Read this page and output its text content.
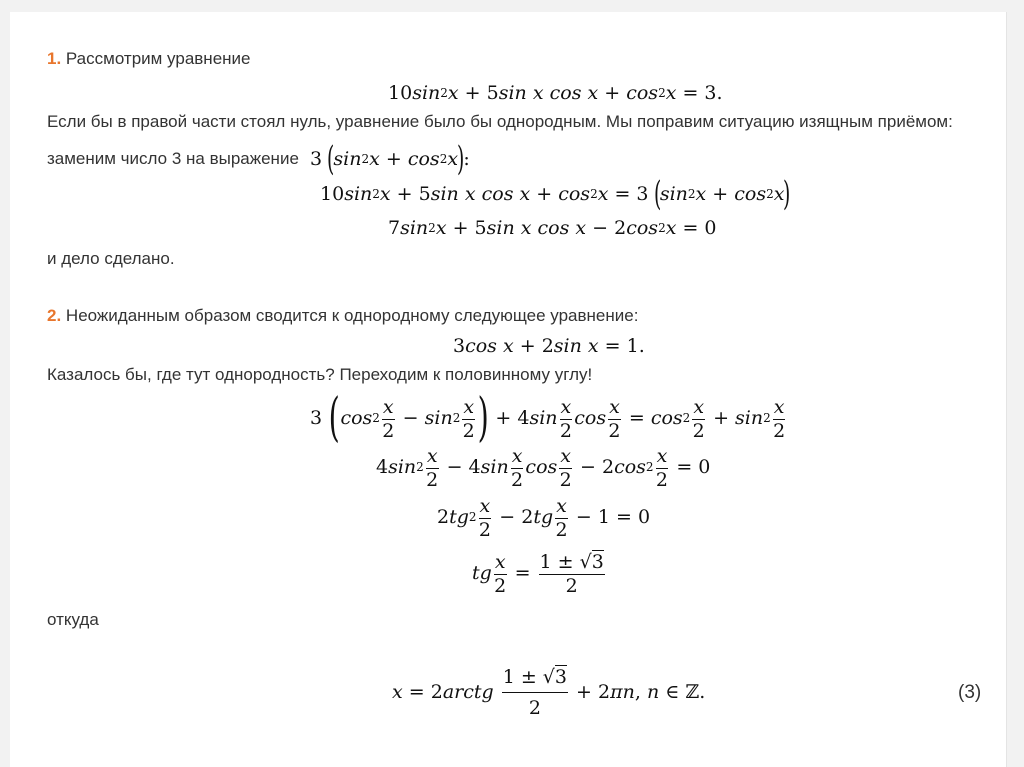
1. Рассмотрим уравнение
10 sin 2 x + 5 sin
x
cos
x + cos 2 x = 3.
Если бы в правой части стоял нуль, уравнение было бы однородным. Мы поправим ситуацию изящным приёмом:
заменим число 3 на выражение 3
(
sin 2 x + cos 2 x
)
:
10 sin 2 x + 5 sin
x
cos
x + cos 2 x = 3
(
sin 2 x + cos 2 x
)
7 sin 2 x + 5 sin
x
cos
x − 2 cos 2 x = 0
и дело сделано.
2. Неожиданным образом сводится к однородному следующее уравнение:
3 cos
x + 2 sin
x = 1.
Казалось бы, где тут однородность? Переходим к половинному углу!
3 ( cos 2
x
2
− sin 2
x
2 ) + 4 sin
x
2
cos
x
2
= cos 2
x
2
+ sin 2
x
2
4 sin 2
x
2
− 4 sin
x
2
cos
x
2
− 2 cos 2
x
2
= 0
2 tg 2
x
2
− 2 tg
x
2
− 1 = 0
tg
x
2
=
1 ± √3
2
откуда
x = 2 arctg

1 ± √3
2
+ 2 πn , n ∈ ℤ.	(3)
